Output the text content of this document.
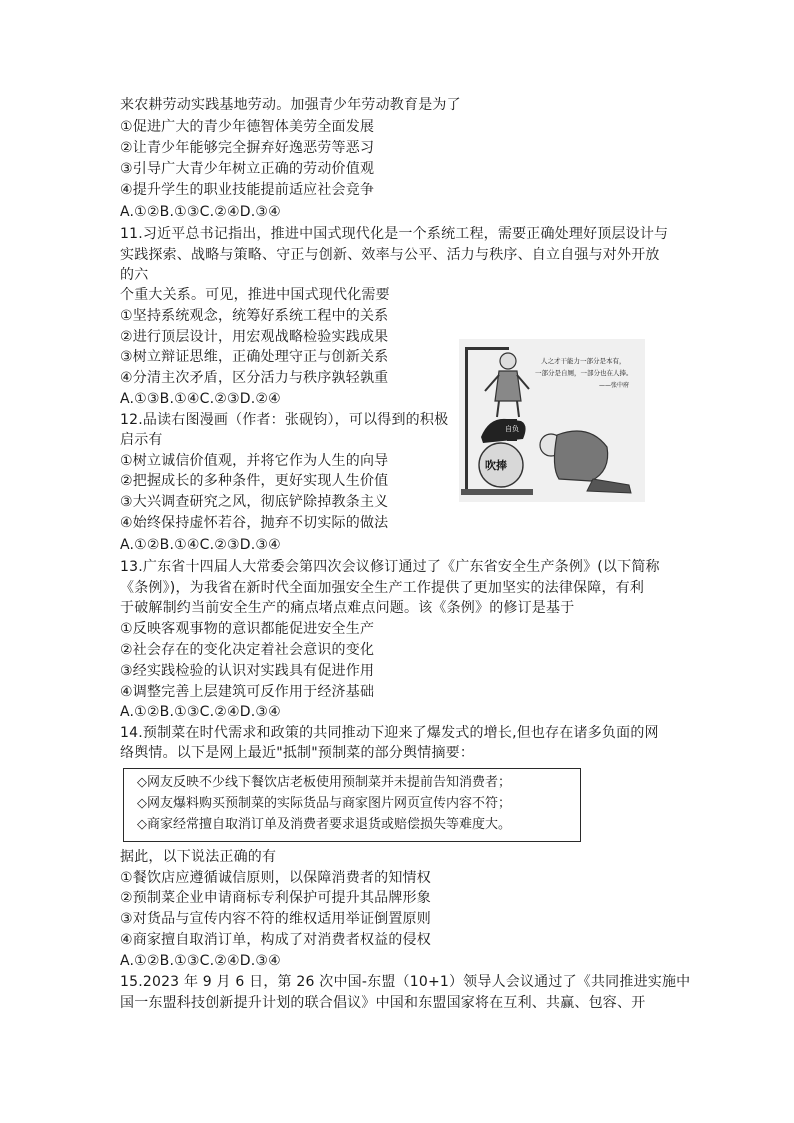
来农耕劳动实践基地劳动。加强青少年劳动教育是为了
①促进广大的青少年德智体美劳全面发展
②让青少年能够完全摒弃好逸恶劳等恶习
③引导广大青少年树立正确的劳动价值观
④提升学生的职业技能提前适应社会竞争
A.①②B.①③C.②④D.③④
11.习近平总书记指出，推进中国式现代化是一个系统工程，需要正确处理好顶层设计与
实践探索、战略与策略、守正与创新、效率与公平、活力与秩序、自立自强与对外开放
的六
个重大关系。可见，推进中国式现代化需要
①坚持系统观念，统筹好系统工程中的关系
②进行顶层设计，用宏观战略检验实践成果
③树立辩证思维，正确处理守正与创新关系
④分清主次矛盾，区分活力与秩序孰轻孰重
A.①③B.①④C.②③D.②④
12.品读右图漫画（作者：张砚钧），可以得到的积极
启示有
①树立诚信价值观，并将它作为人生的向导
②把握成长的多种条件，更好实现人生价值
③大兴调查研究之风，彻底铲除掉教条主义
④始终保持虚怀若谷，抛弃不切实际的做法
A.①②B.①④C.②③D.③④
自负
吹捧
人之才干能力一部分是本有，
一部分是自厕，一部分也在人捧。
——张中府
13.广东省十四届人大常委会第四次会议修订通过了《广东省安全生产条例》(以下简称
《条例》)，为我省在新时代全面加强安全生产工作提供了更加坚实的法律保障，有利
于破解制约当前安全生产的痛点堵点难点问题。该《条例》的修订是基于
①反映客观事物的意识都能促进安全生产
②社会存在的变化决定着社会意识的变化
③经实践检验的认识对实践具有促进作用
④调整完善上层建筑可反作用于经济基础
A.①②B.①③C.②④D.③④
14.预制菜在时代需求和政策的共同推动下迎来了爆发式的增长,但也存在诸多负面的网
络舆情。以下是网上最近"抵制"预制菜的部分舆情摘要：
◇网友反映不少线下餐饮店老板使用预制菜并未提前告知消费者；
◇网友爆料购买预制菜的实际货品与商家图片网页宣传内容不符；
◇商家经常擅自取消订单及消费者要求退货或赔偿损失等难度大。
据此，以下说法正确的有
①餐饮店应遵循诚信原则，以保障消费者的知情权
②预制菜企业申请商标专利保护可提升其品牌形象
③对货品与宣传内容不符的维权适用举证倒置原则
④商家擅自取消订单，构成了对消费者权益的侵权
A.①②B.①③C.②④D.③④
15.2023 年 9 月 6 日，第 26 次中国-东盟（10+1）领导人会议通过了《共同推进实施中
国一东盟科技创新提升计划的联合倡议》中国和东盟国家将在互利、共赢、包容、开
